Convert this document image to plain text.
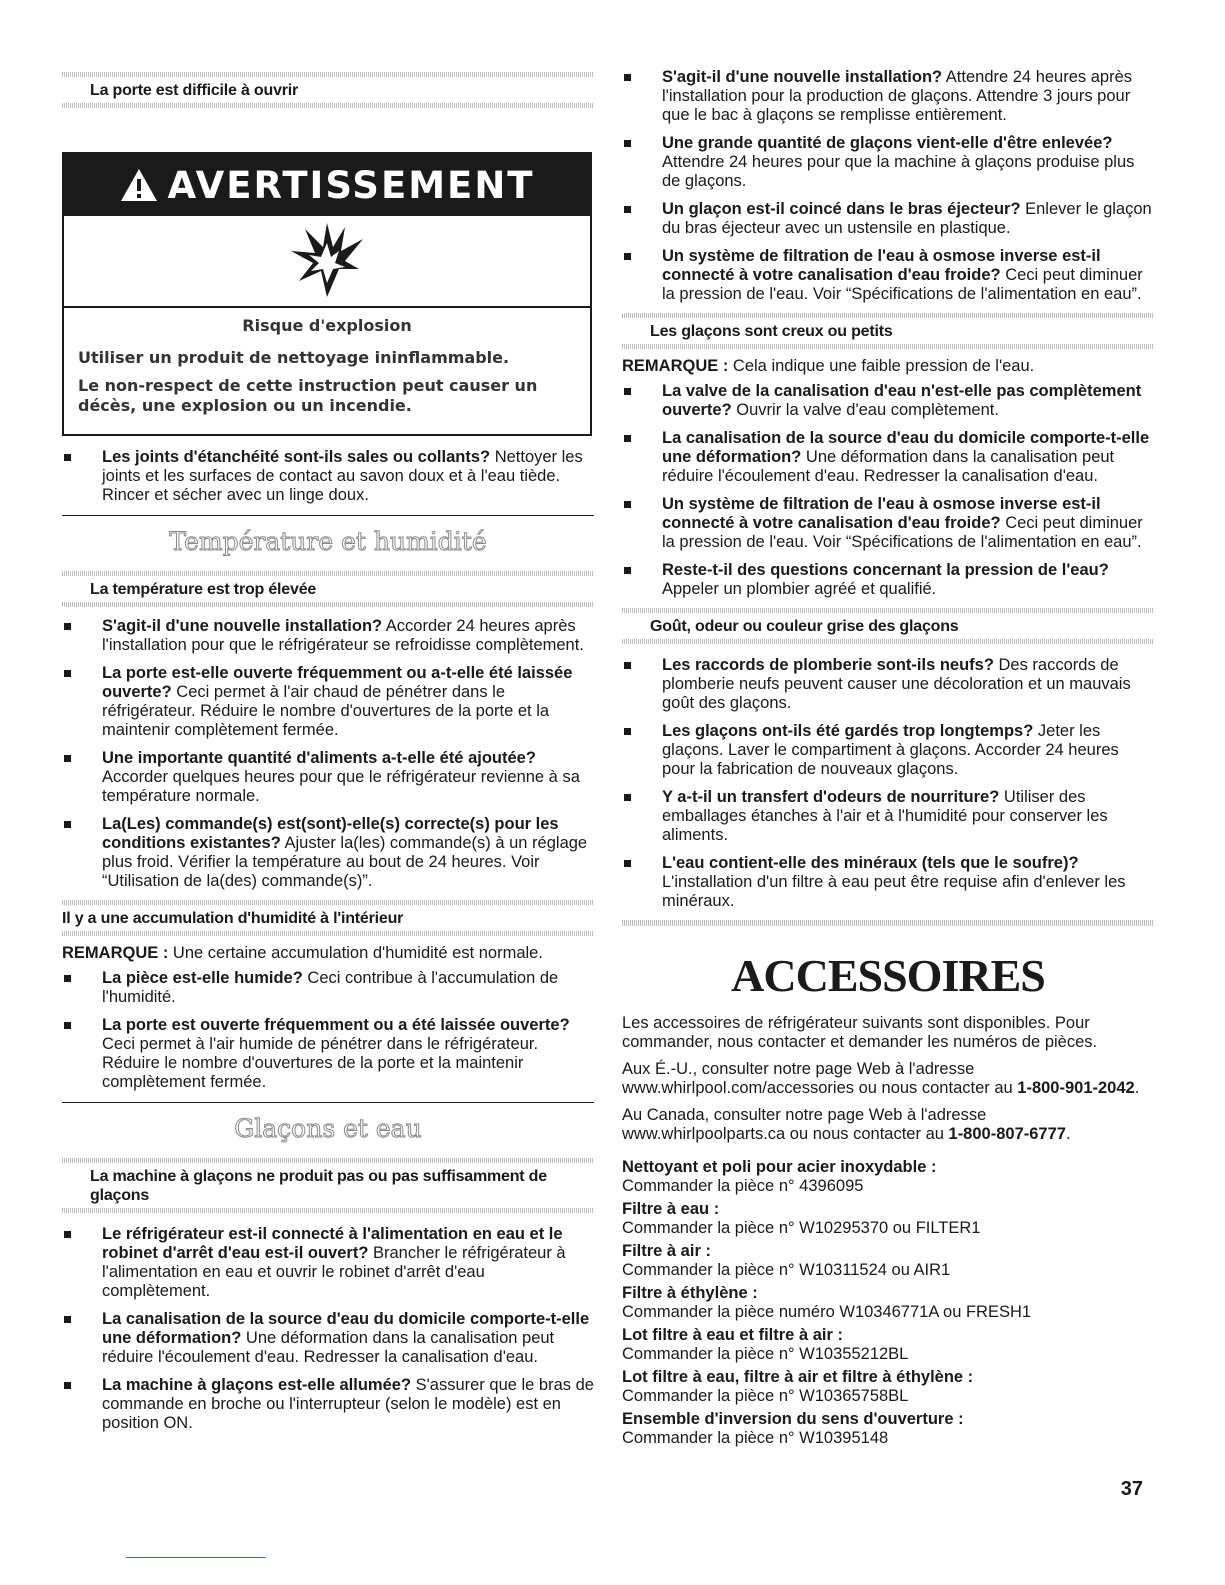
La porte est difficile à ouvrir
AVERTISSEMENT
Risque d'explosion

Utiliser un produit de nettoyage ininflammable.

Le non-respect de cette instruction peut causer un décès, une explosion ou un incendie.

Les joints d'étanchéité sont-ils sales ou collants? Nettoyer les joints et les surfaces de contact au savon doux et à l'eau tiède. Rincer et sécher avec un linge doux.
Température et humidité
La température est trop élevée
S'agit-il d'une nouvelle installation? Accorder 24 heures après l'installation pour que le réfrigérateur se refroidisse complètement.
La porte est-elle ouverte fréquemment ou a-t-elle été laissée ouverte? Ceci permet à l'air chaud de pénétrer dans le réfrigérateur. Réduire le nombre d'ouvertures de la porte et la maintenir complètement fermée.
Une importante quantité d'aliments a-t-elle été ajoutée? Accorder quelques heures pour que le réfrigérateur revienne à sa température normale.
La(Les) commande(s) est(sont)-elle(s) correcte(s) pour les conditions existantes? Ajuster la(les) commande(s) à un réglage plus froid. Vérifier la température au bout de 24 heures. Voir “Utilisation de la(des) commande(s)”.
Il y a une accumulation d'humidité à l'intérieur
REMARQUE : Une certaine accumulation d'humidité est normale.
La pièce est-elle humide? Ceci contribue à l'accumulation de l'humidité.
La porte est ouverte fréquemment ou a été laissée ouverte? Ceci permet à l'air humide de pénétrer dans le réfrigérateur. Réduire le nombre d'ouvertures de la porte et la maintenir complètement fermée.
Glaçons et eau
La machine à glaçons ne produit pas ou pas suffisamment de glaçons
Le réfrigérateur est-il connecté à l'alimentation en eau et le robinet d'arrêt d'eau est-il ouvert? Brancher le réfrigérateur à l'alimentation en eau et ouvrir le robinet d'arrêt d'eau complètement.
La canalisation de la source d'eau du domicile comporte-t-elle une déformation? Une déformation dans la canalisation peut réduire l'écoulement d'eau. Redresser la canalisation d'eau.
La machine à glaçons est-elle allumée? S'assurer que le bras de commande en broche ou l'interrupteur (selon le modèle) est en position ON.
S'agit-il d'une nouvelle installation? Attendre 24 heures après l'installation pour la production de glaçons. Attendre 3 jours pour que le bac à glaçons se remplisse entièrement.
Une grande quantité de glaçons vient-elle d'être enlevée? Attendre 24 heures pour que la machine à glaçons produise plus de glaçons.
Un glaçon est-il coincé dans le bras éjecteur? Enlever le glaçon du bras éjecteur avec un ustensile en plastique.
Un système de filtration de l'eau à osmose inverse est-il connecté à votre canalisation d'eau froide? Ceci peut diminuer la pression de l'eau. Voir “Spécifications de l'alimentation en eau”.
Les glaçons sont creux ou petits
REMARQUE : Cela indique une faible pression de l'eau.
La valve de la canalisation d'eau n'est-elle pas complètement ouverte? Ouvrir la valve d'eau complètement.
La canalisation de la source d'eau du domicile comporte-t-elle une déformation? Une déformation dans la canalisation peut réduire l'écoulement d'eau. Redresser la canalisation d'eau.
Un système de filtration de l'eau à osmose inverse est-il connecté à votre canalisation d'eau froide? Ceci peut diminuer la pression de l'eau. Voir “Spécifications de l'alimentation en eau”.
Reste-t-il des questions concernant la pression de l'eau? Appeler un plombier agréé et qualifié.
Goût, odeur ou couleur grise des glaçons
Les raccords de plomberie sont-ils neufs? Des raccords de plomberie neufs peuvent causer une décoloration et un mauvais goût des glaçons.
Les glaçons ont-ils été gardés trop longtemps? Jeter les glaçons. Laver le compartiment à glaçons. Accorder 24 heures pour la fabrication de nouveaux glaçons.
Y a-t-il un transfert d'odeurs de nourriture? Utiliser des emballages étanches à l'air et à l'humidité pour conserver les aliments.
L'eau contient-elle des minéraux (tels que le soufre)? L'installation d'un filtre à eau peut être requise afin d'enlever les minéraux.
ACCESSOIRES
Les accessoires de réfrigérateur suivants sont disponibles. Pour commander, nous contacter et demander les numéros de pièces.
Aux É.-U., consulter notre page Web à l'adresse www.whirlpool.com/accessories ou nous contacter au 1-800-901-2042.
Au Canada, consulter notre page Web à l'adresse www.whirlpoolparts.ca ou nous contacter au 1-800-807-6777.
Nettoyant et poli pour acier inoxydable :
Commander la pièce n° 4396095
Filtre à eau :
Commander la pièce n° W10295370 ou FILTER1
Filtre à air :
Commander la pièce n° W10311524 ou AIR1
Filtre à éthylène :
Commander la pièce numéro W10346771A ou FRESH1
Lot filtre à eau et filtre à air :
Commander la pièce n° W10355212BL
Lot filtre à eau, filtre à air et filtre à éthylène :
Commander la pièce n° W10365758BL
Ensemble d'inversion du sens d'ouverture :
Commander la pièce n° W10395148
37
